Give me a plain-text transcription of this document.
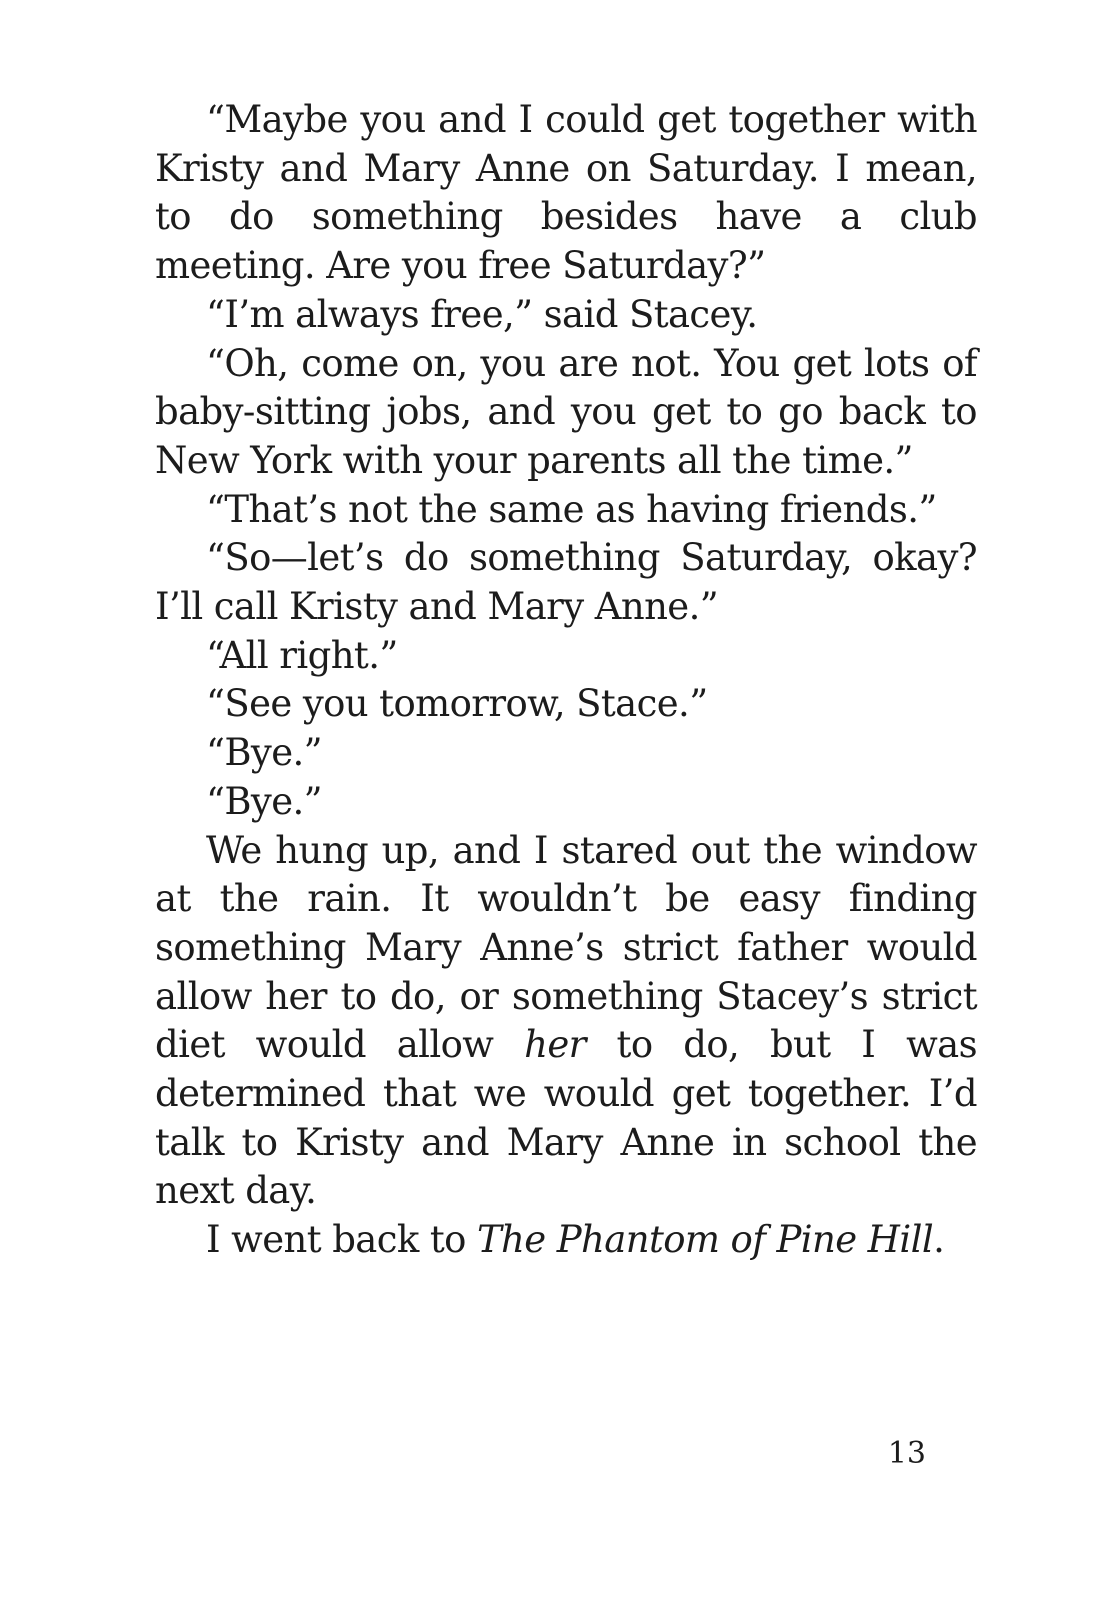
“Maybe you and I could get together with Kristy and Mary Anne on Saturday. I mean, to do something besides have a club meeting. Are you free Saturday?”

“I’m always free,” said Stacey.

“Oh, come on, you are not. You get lots of baby-sitting jobs, and you get to go back to New York with your parents all the time.”

“That’s not the same as having friends.”

“So—let’s do something Saturday, okay? I’ll call Kristy and Mary Anne.”

“All right.”

“See you tomorrow, Stace.”

“Bye.”

“Bye.”

We hung up, and I stared out the window at the rain. It wouldn’t be easy finding something Mary Anne’s strict father would allow her to do, or something Stacey’s strict diet would allow her to do, but I was determined that we would get together. I’d talk to Kristy and Mary Anne in school the next day.

I went back to The Phantom of Pine Hill.

13
